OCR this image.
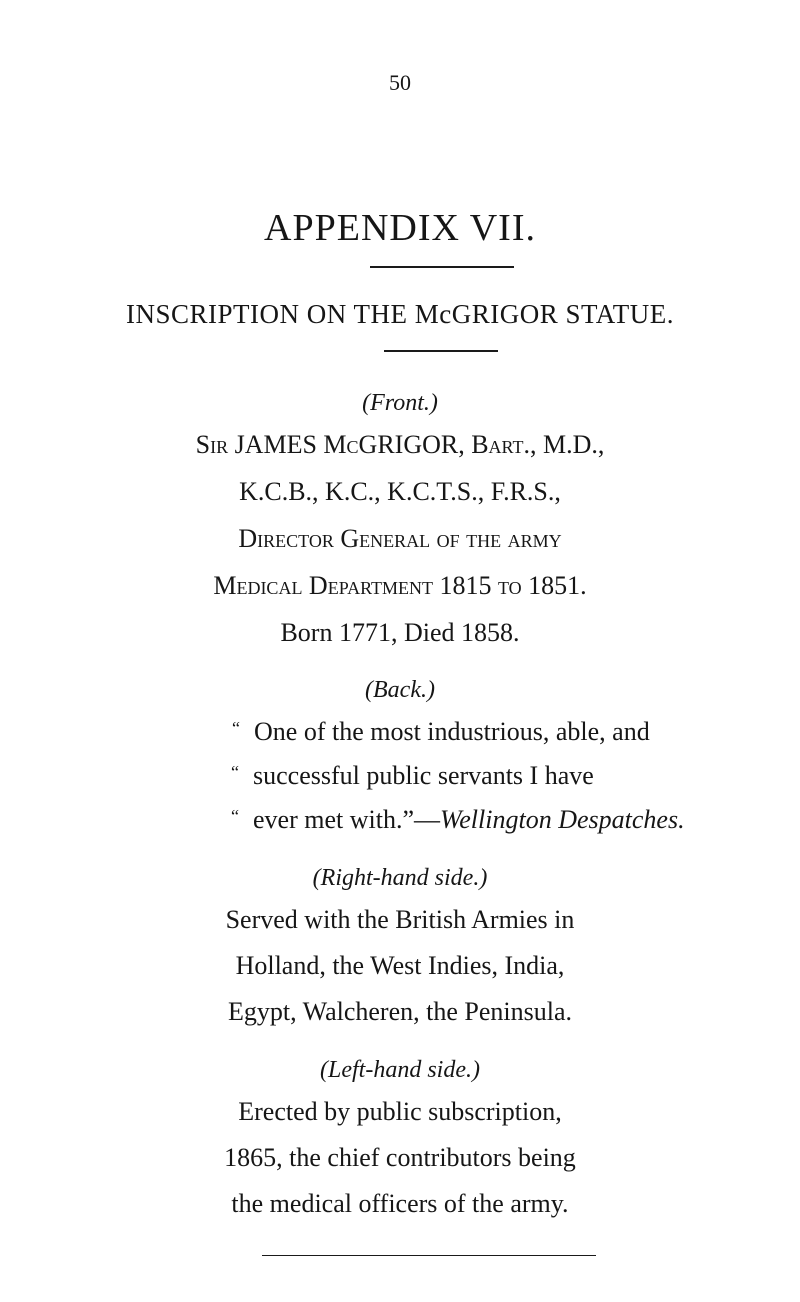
50
APPENDIX VII.
INSCRIPTION ON THE McGRIGOR STATUE.
(Front.)
Sir JAMES McGRIGOR, Bart., M.D.,
K.C.B., K.C., K.C.T.S., F.R.S.,
Director General of the army
Medical Department 1815 to 1851.
Born 1771, Died 1858.
(Back.)
“ One of the most industrious, able, and
“ successful public servants I have
“ ever met with.”—Wellington Despatches.
(Right-hand side.)
Served with the British Armies in
Holland, the West Indies, India,
Egypt, Walcheren, the Peninsula.
(Left-hand side.)
Erected by public subscription,
1865, the chief contributors being
the medical officers of the army.
